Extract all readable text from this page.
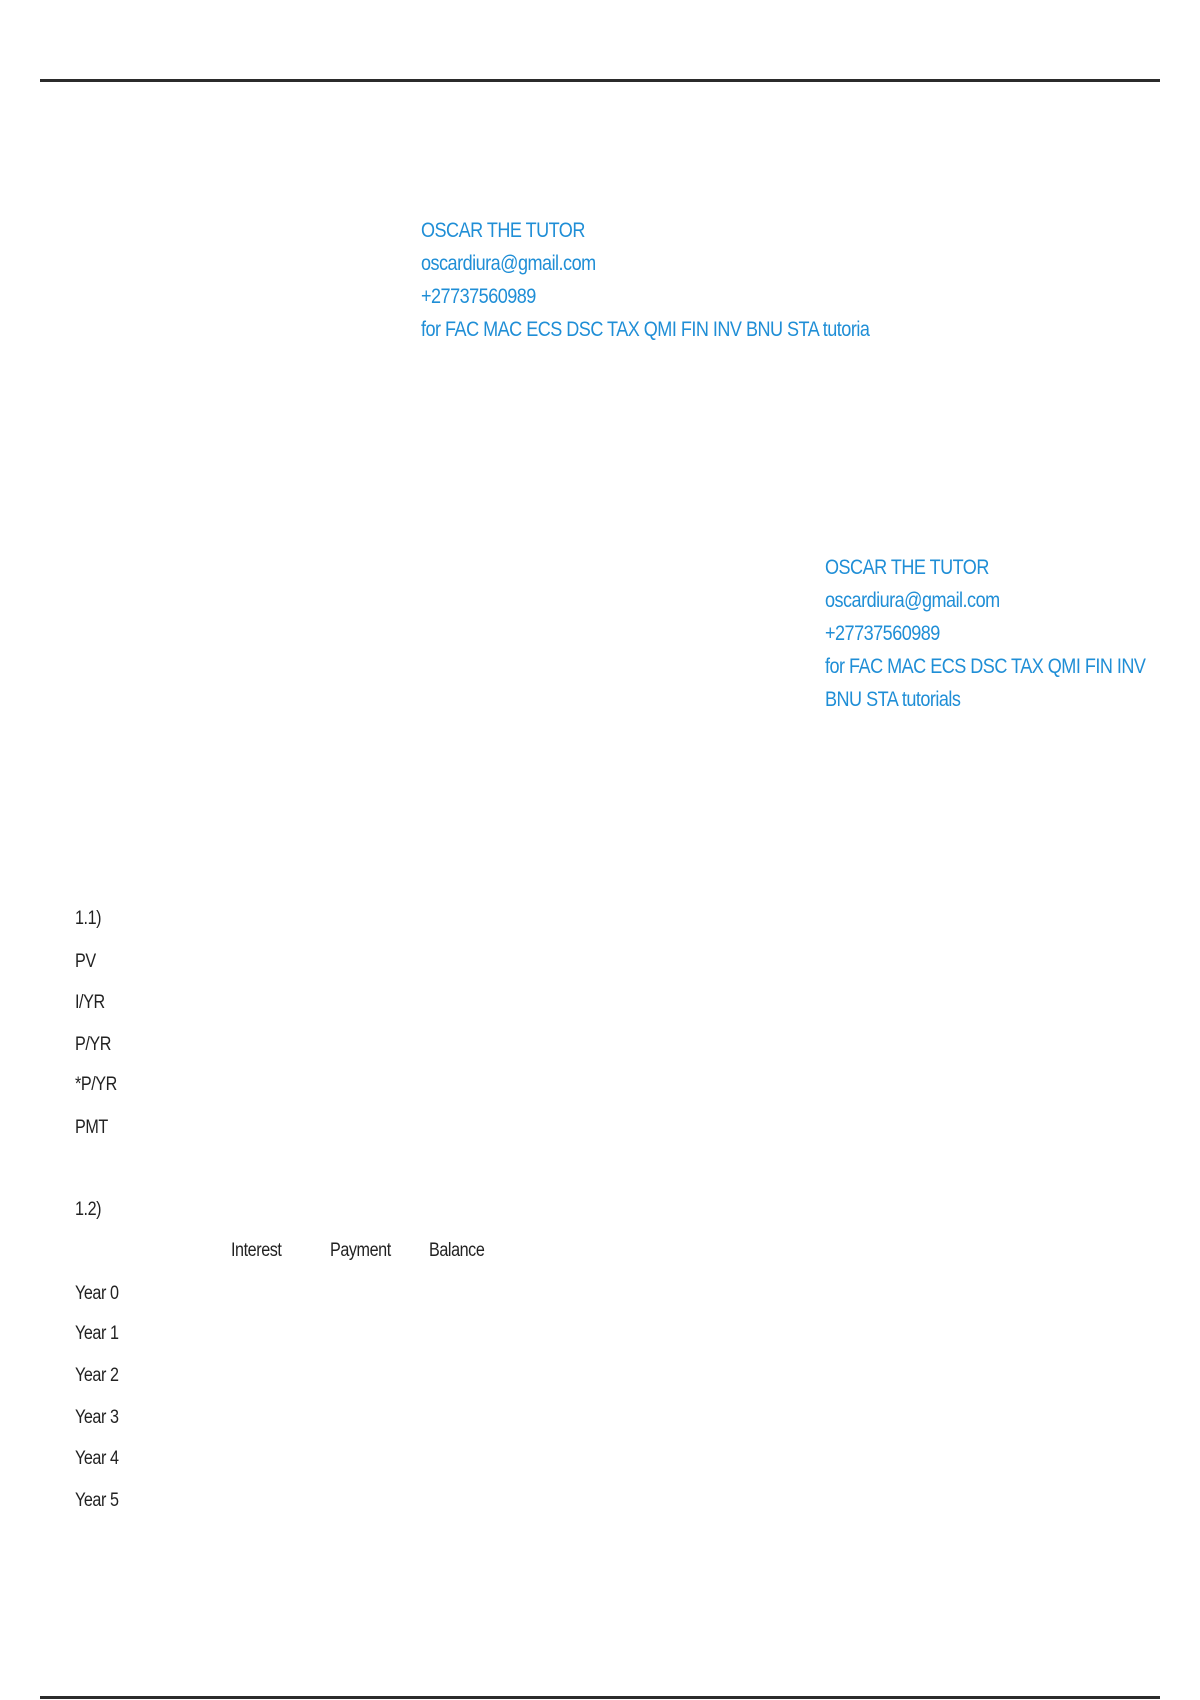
OSCAR THE TUTOR
oscardiura@gmail.com
+27737560989
for FAC MAC ECS DSC TAX QMI FIN INV BNU STA tutoria
OSCAR THE TUTOR
oscardiura@gmail.com
+27737560989
for FAC MAC ECS DSC TAX QMI FIN INV
BNU STA tutorials
1.1)
PV
I/YR
P/YR
*P/YR
PMT
1.2)
Interest	Payment Balance
Year 0
Year 1
Year 2
Year 3
Year 4
Year 5
